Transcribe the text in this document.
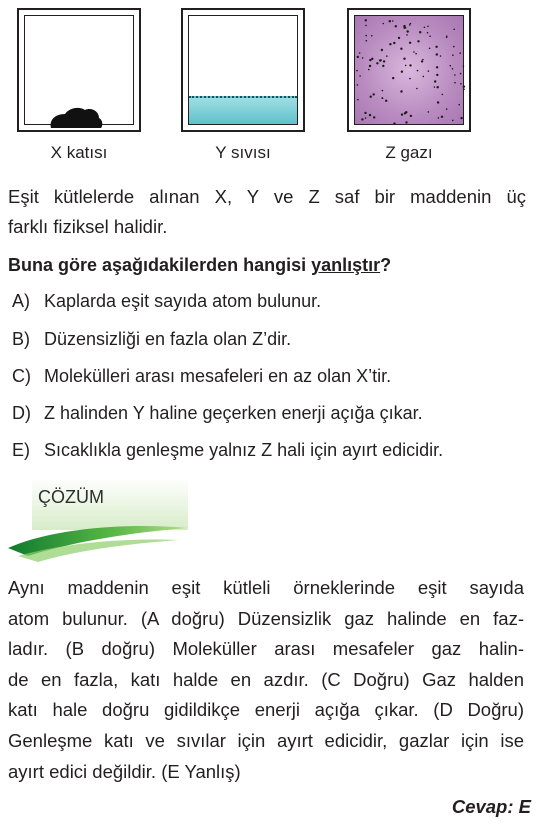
X katısı	Y sıvısı	Z gazı
Eşit kütlelerde alınan X, Y ve Z saf bir maddenin üç
farklı fiziksel halidir.
Buna göre aşağıdakilerden hangisi yanlıştır?
A) Kaplarda eşit sayıda atom bulunur.
B) Düzensizliği en fazla olan Z’dir.
C) Molekülleri arası mesafeleri en az olan X’tir.
D) Z halinden Y haline geçerken enerji açığa çıkar.
E) Sıcaklıkla genleşme yalnız Z hali için ayırt edicidir.
ÇÖZÜM
Aynı maddenin eşit kütleli örneklerinde eşit sayıda
atom bulunur. (A doğru) Düzensizlik gaz halinde en faz-
ladır. (B doğru) Moleküller arası mesafeler gaz halin-
de en fazla, katı halde en azdır. (C Doğru) Gaz halden
katı hale doğru gidildikçe enerji açığa çıkar. (D Doğru)
Genleşme katı ve sıvılar için ayırt edicidir, gazlar için ise
ayırt edici değildir. (E Yanlış)
Cevap: E
